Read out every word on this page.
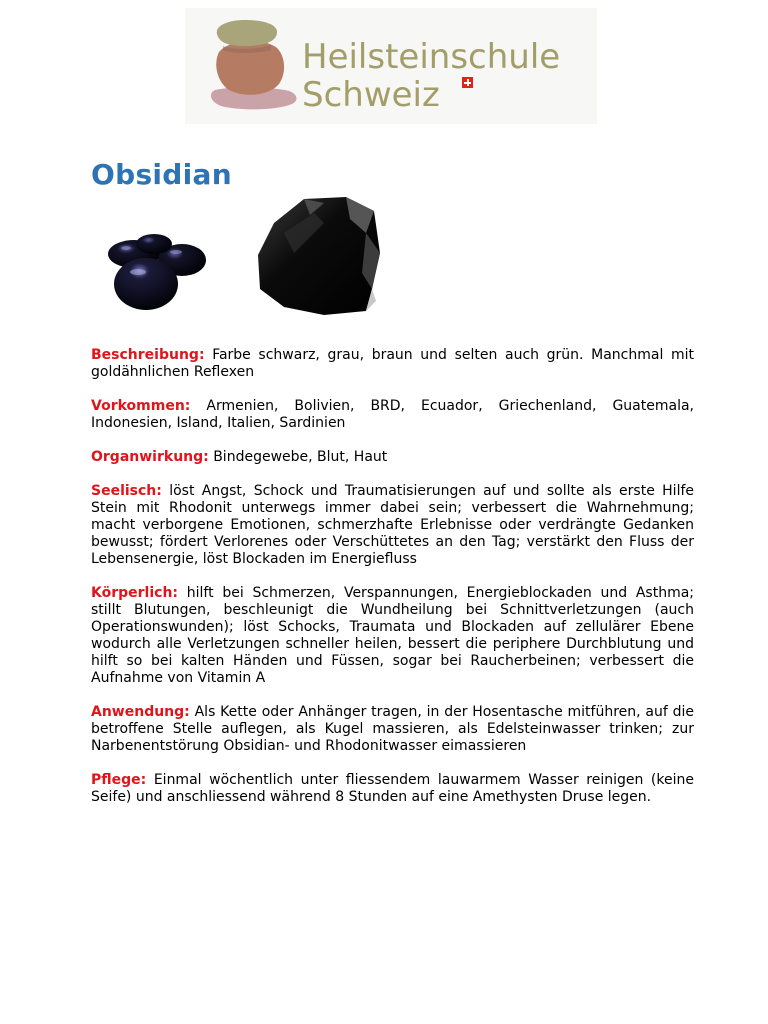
Heilsteinschule
Schweiz
Obsidian

Beschreibung: Farbe schwarz, grau, braun und selten auch grün. Manchmal mit goldähnlichen Reflexen

Vorkommen: Armenien, Bolivien, BRD, Ecuador, Griechenland, Guatemala, Indonesien, Island, Italien, Sardinien

Organwirkung: Bindegewebe, Blut, Haut

Seelisch: löst Angst, Schock und Traumatisierungen auf und sollte als erste Hilfe Stein mit Rhodonit unterwegs immer dabei sein; verbessert die Wahrnehmung; macht verborgene Emotionen, schmerzhafte Erlebnisse oder verdrängte Gedanken bewusst; fördert Verlorenes oder Verschüttetes an den Tag; verstärkt den Fluss der Lebensenergie, löst Blockaden im Energiefluss

Körperlich: hilft bei Schmerzen, Verspannungen, Energieblockaden und Asthma; stillt Blutungen, beschleunigt die Wundheilung bei Schnittverletzungen (auch Operationswunden); löst Schocks, Traumata und Blockaden auf zellulärer Ebene wodurch alle Verletzungen schneller heilen, bessert die periphere Durchblutung und hilft so bei kalten Händen und Füssen, sogar bei Raucherbeinen; verbessert die Aufnahme von Vitamin A

Anwendung: Als Kette oder Anhänger tragen, in der Hosentasche mitführen, auf die betroffene Stelle auflegen, als Kugel massieren, als Edelsteinwasser trinken; zur Narbenentstörung Obsidian- und Rhodonitwasser eimassieren

Pflege: Einmal wöchentlich unter fliessendem lauwarmem Wasser reinigen (keine Seife) und anschliessend während 8 Stunden auf eine Amethysten Druse legen.
